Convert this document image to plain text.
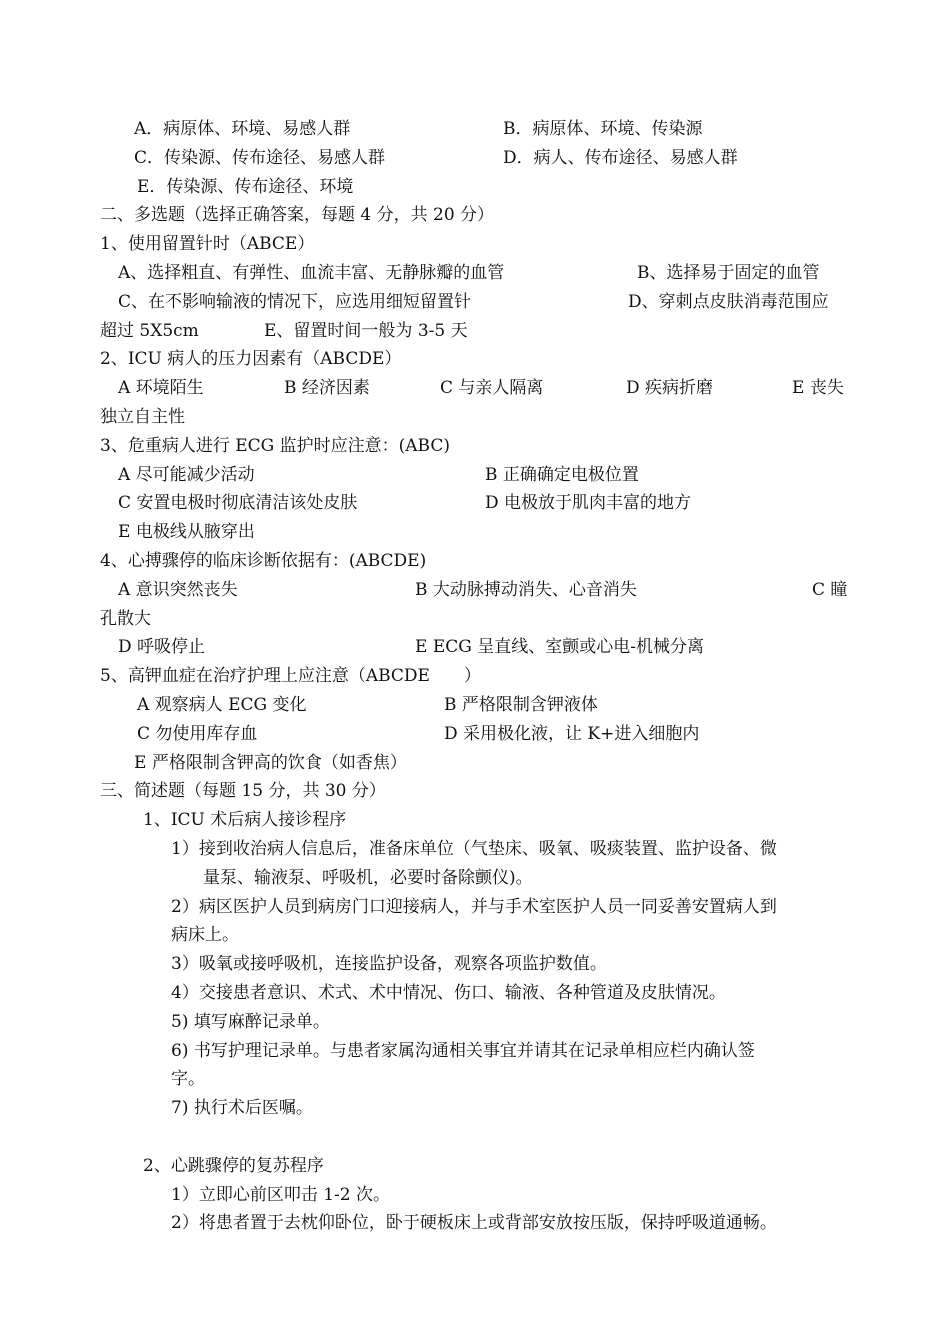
A．病原体、环境、易感人群	B．病原体、环境、传染源
C．传染源、传布途径、易感人群	D．病人、传布途径、易感人群
E．传染源、传布途径、环境
二、多选题（选择正确答案，每题 4 分，共 20 分）
1、使用留置针时（ABCE）
A、选择粗直、有弹性、血流丰富、无静脉瓣的血管	B、选择易于固定的血管
C、在不影响输液的情况下，应选用细短留置针	D、穿刺点皮肤消毒范围应
超过 5X5cm	E、留置时间一般为 3-5 天
2、ICU 病人的压力因素有（ABCDE）
A 环境陌生	B 经济因素	C 与亲人隔离	D 疾病折磨	E 丧失
独立自主性
3、危重病人进行 ECG 监护时应注意：(ABC)
A 尽可能减少活动	B 正确确定电极位置
C 安置电极时彻底清洁该处皮肤	D 电极放于肌肉丰富的地方
E 电极线从腋穿出
4、心搏骤停的临床诊断依据有：(ABCDE)
A 意识突然丧失	B 大动脉搏动消失、心音消失	C 瞳
孔散大
D 呼吸停止	E ECG 呈直线、室颤或心电-机械分离
5、高钾血症在治疗护理上应注意（ABCDE　　）
A 观察病人 ECG 变化	B 严格限制含钾液体
C 勿使用库存血	D 采用极化液，让 K+进入细胞内
E 严格限制含钾高的饮食（如香焦）
三、简述题（每题 15 分，共 30 分）
1、ICU 术后病人接诊程序
1）接到收治病人信息后，准备床单位（气垫床、吸氧、吸痰装置、监护设备、微
量泵、输液泵、呼吸机，必要时备除颤仪)。
2）病区医护人员到病房门口迎接病人，并与手术室医护人员一同妥善安置病人到
病床上。
3）吸氧或接呼吸机，连接监护设备，观察各项监护数值。
4）交接患者意识、术式、术中情况、伤口、输液、各种管道及皮肤情况。
5) 填写麻醉记录单。
6) 书写护理记录单。与患者家属沟通相关事宜并请其在记录单相应栏内确认签
字。
7) 执行术后医嘱。
2、心跳骤停的复苏程序
1）立即心前区叩击 1-2 次。
2）将患者置于去枕仰卧位，卧于硬板床上或背部安放按压版，保持呼吸道通畅。
